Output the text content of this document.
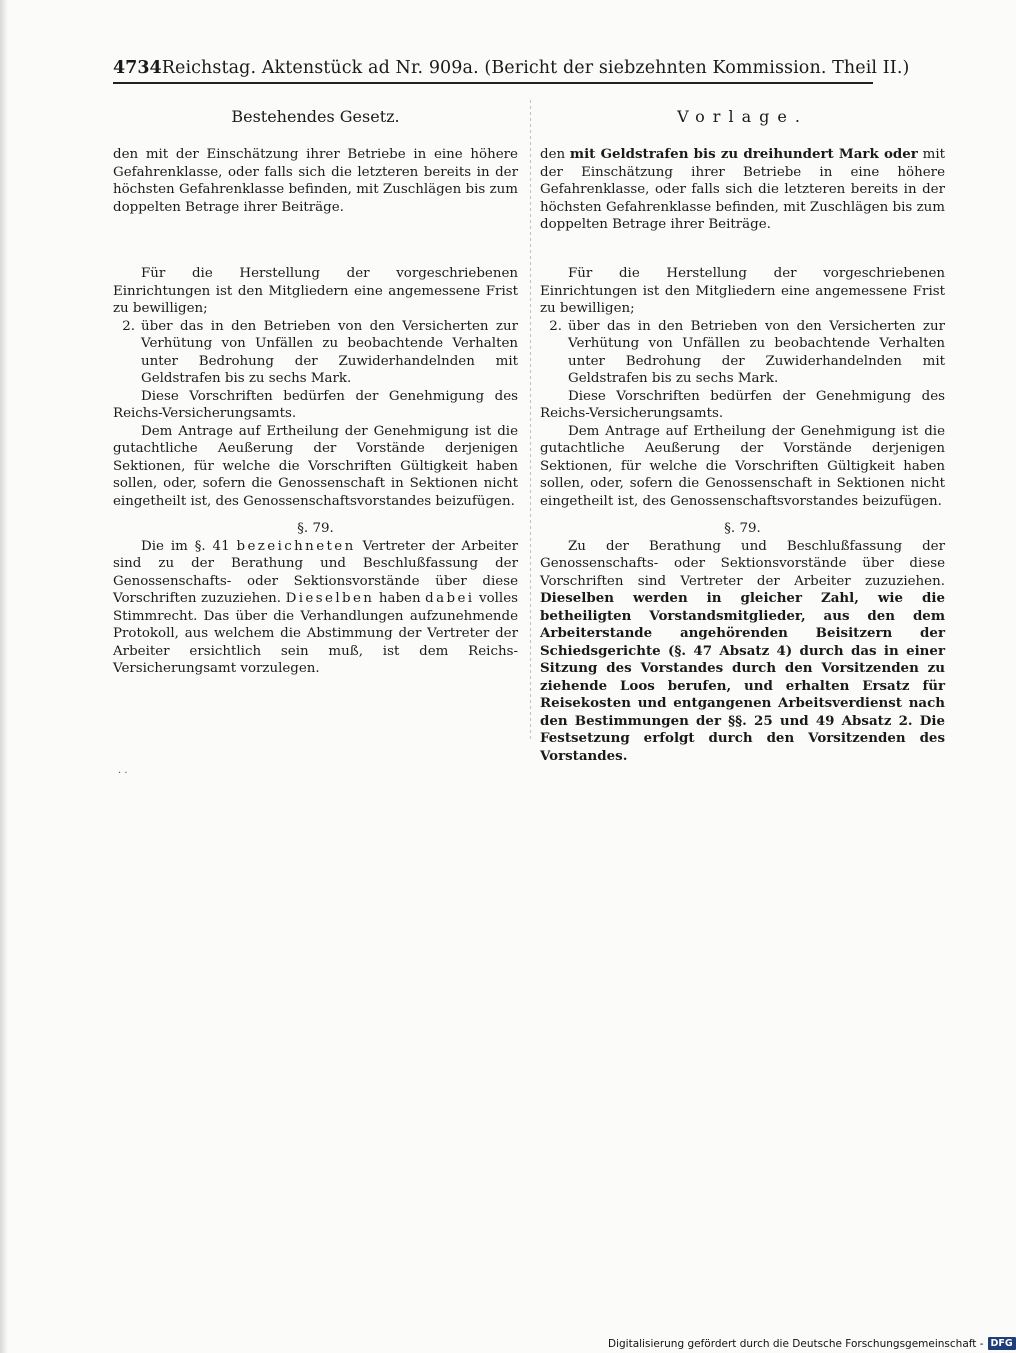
4734 Reichstag. Aktenstück ad Nr. 909a. (Bericht der siebzehnten Kommission. Theil II.)
Bestehendes Gesetz.	Vorlage.

den mit der Einschätzung ihrer Betriebe in eine höhere Gefahrenklasse, oder falls sich die letzteren bereits in der höchsten Gefahrenklasse befinden, mit Zuschlägen bis zum doppelten Betrage ihrer Beiträge.

Für die Herstellung der vorgeschriebenen Einrichtungen ist den Mitgliedern eine angemessene Frist zu bewilligen;

2. über das in den Betrieben von den Versicherten zur Verhütung von Unfällen zu beobachtende Verhalten unter Bedrohung der Zuwiderhandelnden mit Geldstrafen bis zu sechs Mark.

Diese Vorschriften bedürfen der Genehmigung des Reichs-Versicherungsamts.

Dem Antrage auf Ertheilung der Genehmigung ist die gutachtliche Aeußerung der Vorstände derjenigen Sektionen, für welche die Vorschriften Gültigkeit haben sollen, oder, sofern die Genossenschaft in Sektionen nicht eingetheilt ist, des Genossenschaftsvorstandes beizufügen.

§. 79.

Die im §. 41 bezeichneten Vertreter der Arbeiter sind zu der Berathung und Beschlußfassung der Genossenschafts- oder Sektionsvorstände über diese Vorschriften zuzuziehen. Dieselben haben dabei volles Stimmrecht. Das über die Verhandlungen aufzunehmende Protokoll, aus welchem die Abstimmung der Vertreter der Arbeiter ersichtlich sein muß, ist dem Reichs-Versicherungsamt vorzulegen.

den mit Geldstrafen bis zu dreihundert Mark oder mit der Einschätzung ihrer Betriebe in eine höhere Gefahrenklasse, oder falls sich die letzteren bereits in der höchsten Gefahrenklasse befinden, mit Zuschlägen bis zum doppelten Betrage ihrer Beiträge.

Für die Herstellung der vorgeschriebenen Einrichtungen ist den Mitgliedern eine angemessene Frist zu bewilligen;

2. über das in den Betrieben von den Versicherten zur Verhütung von Unfällen zu beobachtende Verhalten unter Bedrohung der Zuwiderhandelnden mit Geldstrafen bis zu sechs Mark.

Diese Vorschriften bedürfen der Genehmigung des Reichs-Versicherungsamts.

Dem Antrage auf Ertheilung der Genehmigung ist die gutachtliche Aeußerung der Vorstände derjenigen Sektionen, für welche die Vorschriften Gültigkeit haben sollen, oder, sofern die Genossenschaft in Sektionen nicht eingetheilt ist, des Genossenschaftsvorstandes beizufügen.

§. 79.

Zu der Berathung und Beschlußfassung der Genossenschafts- oder Sektionsvorstände über diese Vorschriften sind Vertreter der Arbeiter zuzuziehen. Dieselben werden in gleicher Zahl, wie die betheiligten Vorstandsmitglieder, aus den dem Arbeiterstande angehörenden Beisitzern der Schiedsgerichte (§. 47 Absatz 4) durch das in einer Sitzung des Vorstandes durch den Vorsitzenden zu ziehende Loos berufen, und erhalten Ersatz für Reisekosten und entgangenen Arbeitsverdienst nach den Bestimmungen der §§. 25 und 49 Absatz 2. Die Festsetzung erfolgt durch den Vorsitzenden des Vorstandes.

· ·
Digitalisierung gefördert durch die Deutsche Forschungsgemeinschaft - DFG
